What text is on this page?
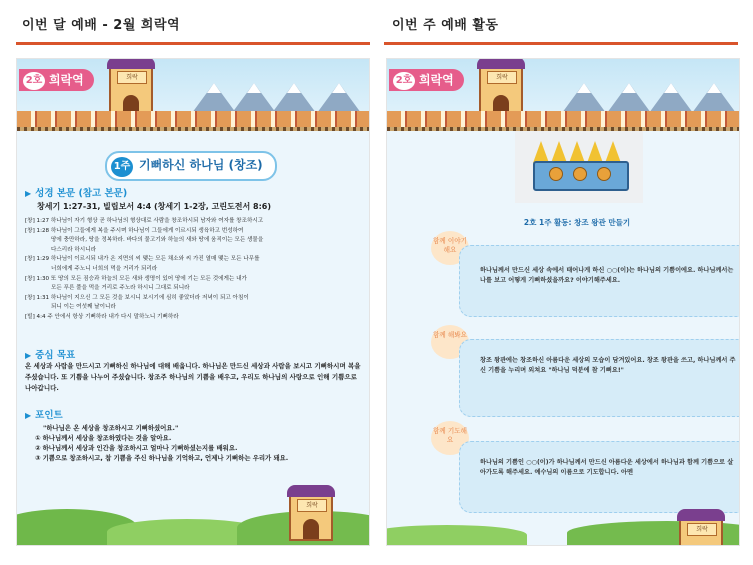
이번 달 예배 - 2월 희락역	이번 주 예배 활동
희락
2호 희락역
1주 기뻐하신 하나님 (창조)
▶ 성경 본문 (참고 본문)
창세기 1:27-31, 빌립보서 4:4 (창세기 1-2장, 고린도전서 8:6)

[창] 1:27 하나님이 자기 형상 곧 하나님의 형상대로 사람을 창조하시되 남자와 여자를 창조하시고

[창] 1:28 하나님이 그들에게 복을 주시며 하나님이 그들에게 이르시되 생육하고 번성하여

땅에 충만하라, 땅을 정복하라. 바다의 물고기와 하늘의 새와 땅에 움직이는 모든 생물을

다스리라 하시니라

[창] 1:29 하나님이 이르시되 내가 온 지면의 씨 맺는 모든 채소와 씨 가진 열매 맺는 모든 나무를

너희에게 주노니 너희의 먹을 거리가 되리라

[창] 1:30 또 땅의 모든 짐승과 하늘의 모든 새와 생명이 있어 땅에 기는 모든 것에게는 내가

모든 푸른 풀을 먹을 거리로 주노라 하시니 그대로 되니라

[창] 1:31 하나님이 지으신 그 모든 것을 보시니 보시기에 심히 좋았더라 저녁이 되고 아침이

되니 이는 여섯째 날이니라

[빌] 4:4 주 안에서 항상 기뻐하라 내가 다시 말하노니 기뻐하라

▶ 중심 목표
온 세상과 사람을 만드시고 기뻐하신 하나님에 대해 배웁니다. 하나님은 만드신 세상과 사람을 보시고 기뻐하시며 복을 주셨습니다. 또 기쁨을 나누어 주셨습니다. 창조주 하나님의 기쁨을 배우고, 우리도 하나님의 사랑으로 인해 기쁨으로 나아갑니다.
▶ 포인트

"하나님은 온 세상을 창조하시고 기뻐하셨어요."

① 하나님께서 세상을 창조하였다는 것을 알아요.

② 하나님께서 세상과 인간을 창조하시고 얼마나 기뻐하셨는지를 배워요.

③ 기쁨으로 창조하시고, 참 기쁨을 주신 하나님을 기억하고, 언제나 기뻐하는 우리가 돼요.

희락
희락
2호 희락역
2호 1주 활동: 창조 왕관 만들기
함께 이야기 해요
하나님께서 만드신 세상 속에서 태어나게 하신 ○○(이)는 하나님의 기쁨이에요. 하나님께서는 나를 보고 어떻게 기뻐하셨을까요? 이야기해주세요.
함께 해봐요
창조 왕관에는 창조하신 아름다운 세상의 모습이 담겨있어요. 창조 왕관을 쓰고, 하나님께서 주신 기쁨을 누리며 외쳐요 "하나님 덕분에 참 기뻐요!"
함께 기도해요
하나님의 기쁨인 ○○(이)가 하나님께서 만드신 아름다운 세상에서 하나님과 함께 기쁨으로 살아가도록 해주세요. 예수님의 이름으로 기도합니다. 아멘
희락
